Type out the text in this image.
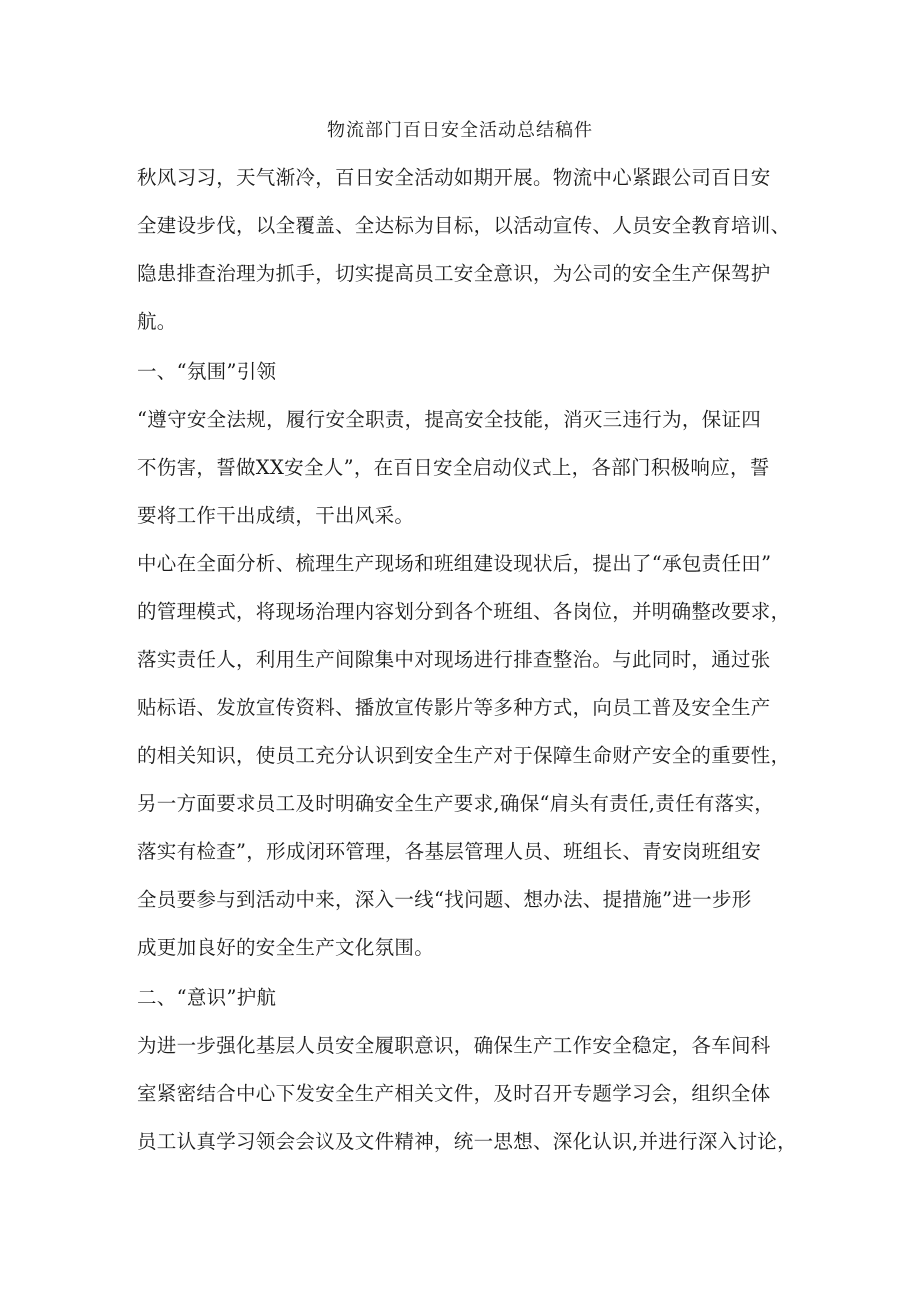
物流部门百日安全活动总结稿件
秋风习习，天气渐冷，百日安全活动如期开展。物流中心紧跟公司百日安
全建设步伐，以全覆盖、全达标为目标，以活动宣传、人员安全教育培训、
隐患排查治理为抓手，切实提高员工安全意识，为公司的安全生产保驾护
航。
一、“氛围”引领
“遵守安全法规，履行安全职责，提高安全技能，消灭三违行为，保证四
不伤害，誓做XX安全人”，在百日安全启动仪式上，各部门积极响应，誓
要将工作干出成绩，干出风采。
中心在全面分析、梳理生产现场和班组建设现状后，提出了“承包责任田”
的管理模式，将现场治理内容划分到各个班组、各岗位，并明确整改要求，
落实责任人，利用生产间隙集中对现场进行排查整治。与此同时，通过张
贴标语、发放宣传资料、播放宣传影片等多种方式，向员工普及安全生产
的相关知识，使员工充分认识到安全生产对于保障生命财产安全的重要性，
另一方面要求员工及时明确安全生产要求,确保“肩头有责任,责任有落实，
落实有检查”，形成闭环管理，各基层管理人员、班组长、青安岗班组安
全员要参与到活动中来，深入一线“找问题、想办法、提措施”进一步形
成更加良好的安全生产文化氛围。
二、“意识”护航
为进一步强化基层人员安全履职意识，确保生产工作安全稳定，各车间科
室紧密结合中心下发安全生产相关文件，及时召开专题学习会，组织全体
员工认真学习领会会议及文件精神，统一思想、深化认识,并进行深入讨论，
